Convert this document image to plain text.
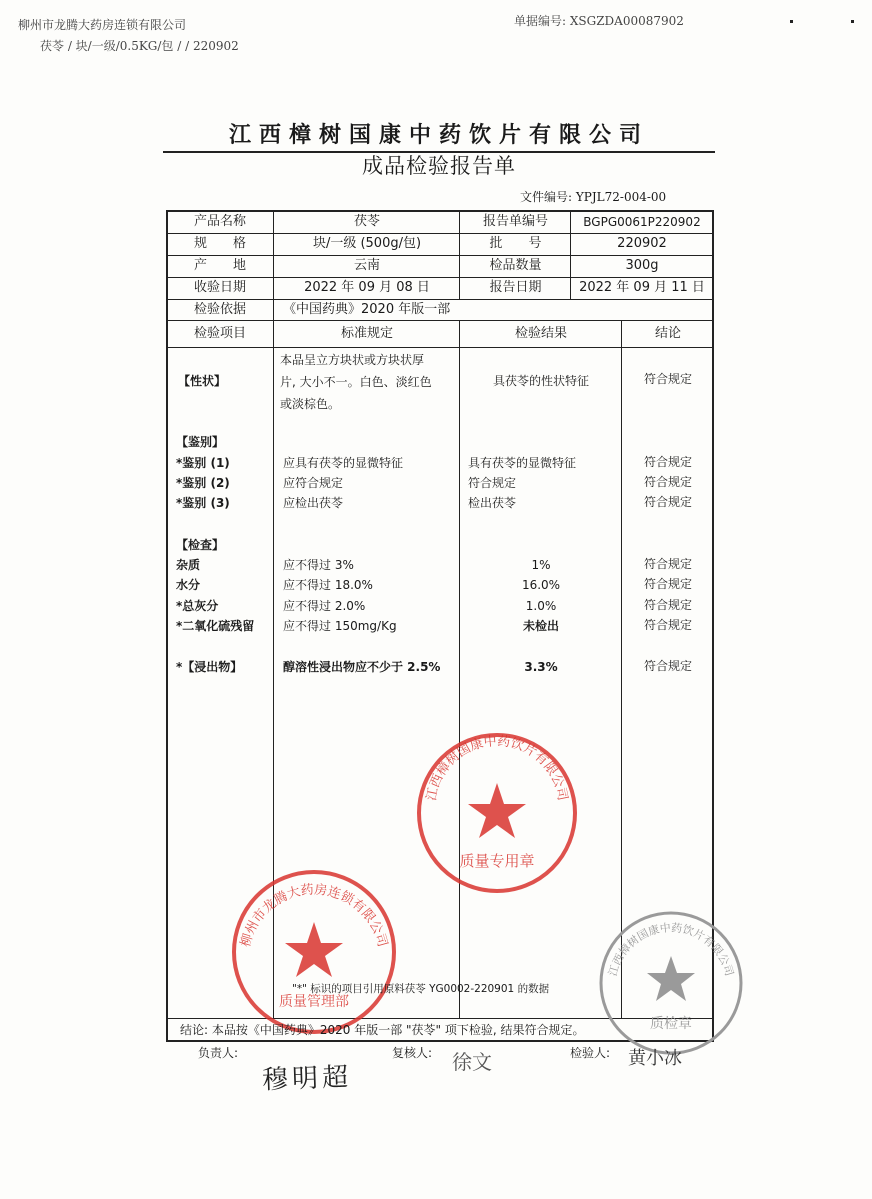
柳州市龙腾大药房连锁有限公司
茯苓 / 块/一级/0.5KG/包 / / 220902
单据编号: XSGZDA00087902
江西樟树国康中药饮片有限公司
成品检验报告单
文件编号: YPJL72-004-00
产品名称	茯苓	报告单编号	BGPG0061P220902
规　　格	块/一级 (500g/包)	批　　号	220902
产　　地	云南	检品数量	300g
收验日期	2022 年 09 月 08 日	报告日期	2022 年 09 月 11 日
检验依据	《中国药典》2020 年版一部
检验项目	标准规定	检验结果	结论
【性状】
本品呈立方块状或方块状厚
片, 大小不一。白色、淡红色
或淡棕色。
具茯苓的性状特征	符合规定
【鉴别】
*鉴别 (1)	应具有茯苓的显微特征	具有茯苓的显微特征	符合规定
*鉴别 (2)	应符合规定	符合规定	符合规定
*鉴别 (3)	应检出茯苓	检出茯苓	符合规定
【检查】
杂质	应不得过 3%	1%	符合规定
水分	应不得过 18.0%	16.0%	符合规定
*总灰分	应不得过 2.0%	1.0%	符合规定
*二氧化硫残留 应不得过 150mg/Kg	未检出	符合规定
*【浸出物】	醇溶性浸出物应不少于 2.5%	3.3%	符合规定
江西樟树国康中药饮片有限公司
质量专用章
柳州市龙腾大药房连锁有限公司
质量管理部
江西樟树国康中药饮片有限公司
质检章
"*" 标识的项目引用原料茯苓 YG0002-220901 的数据
结论: 本品按《中国药典》2020 年版一部 "茯苓" 项下检验, 结果符合规定。
负责人:	复核人:	检验人:
穆明超
徐文	黄小冰
